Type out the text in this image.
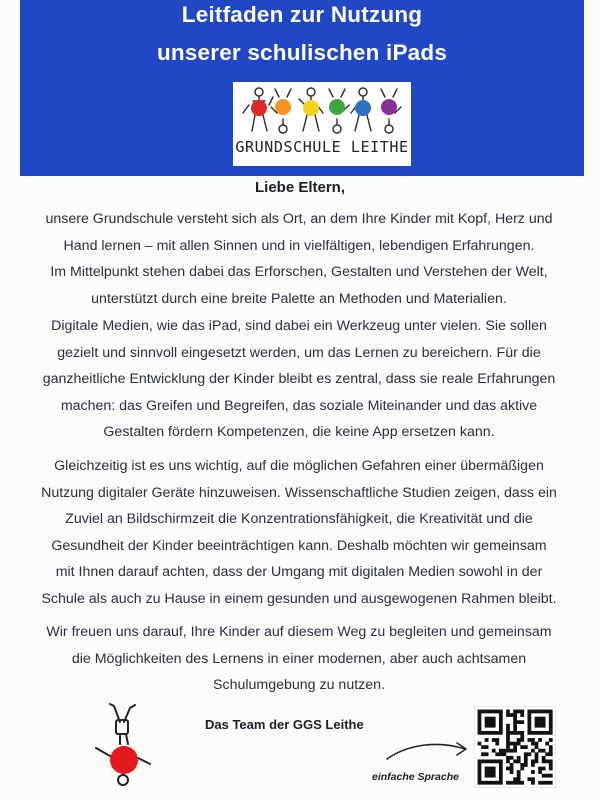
Leitfaden zur Nutzung
unserer schulischen iPads
GRUNDSCHULE LEITHE
Liebe Eltern,
unsere Grundschule versteht sich als Ort, an dem Ihre Kinder mit Kopf, Herz und
Hand lernen – mit allen Sinnen und in vielfältigen, lebendigen Erfahrungen.
Im Mittelpunkt stehen dabei das Erforschen, Gestalten und Verstehen der Welt,
unterstützt durch eine breite Palette an Methoden und Materialien.
Digitale Medien, wie das iPad, sind dabei ein Werkzeug unter vielen. Sie sollen
gezielt und sinnvoll eingesetzt werden, um das Lernen zu bereichern. Für die
ganzheitliche Entwicklung der Kinder bleibt es zentral, dass sie reale Erfahrungen
machen: das Greifen und Begreifen, das soziale Miteinander und das aktive
Gestalten fördern Kompetenzen, die keine App ersetzen kann.
Gleichzeitig ist es uns wichtig, auf die möglichen Gefahren einer übermäßigen
Nutzung digitaler Geräte hinzuweisen. Wissenschaftliche Studien zeigen, dass ein
Zuviel an Bildschirmzeit die Konzentrationsfähigkeit, die Kreativität und die
Gesundheit der Kinder beeinträchtigen kann. Deshalb möchten wir gemeinsam
mit Ihnen darauf achten, dass der Umgang mit digitalen Medien sowohl in der
Schule als auch zu Hause in einem gesunden und ausgewogenen Rahmen bleibt.
Wir freuen uns darauf, Ihre Kinder auf diesem Weg zu begleiten und gemeinsam
die Möglichkeiten des Lernens in einer modernen, aber auch achtsamen
Schulumgebung zu nutzen.
Das Team der GGS Leithe
einfache Sprache
